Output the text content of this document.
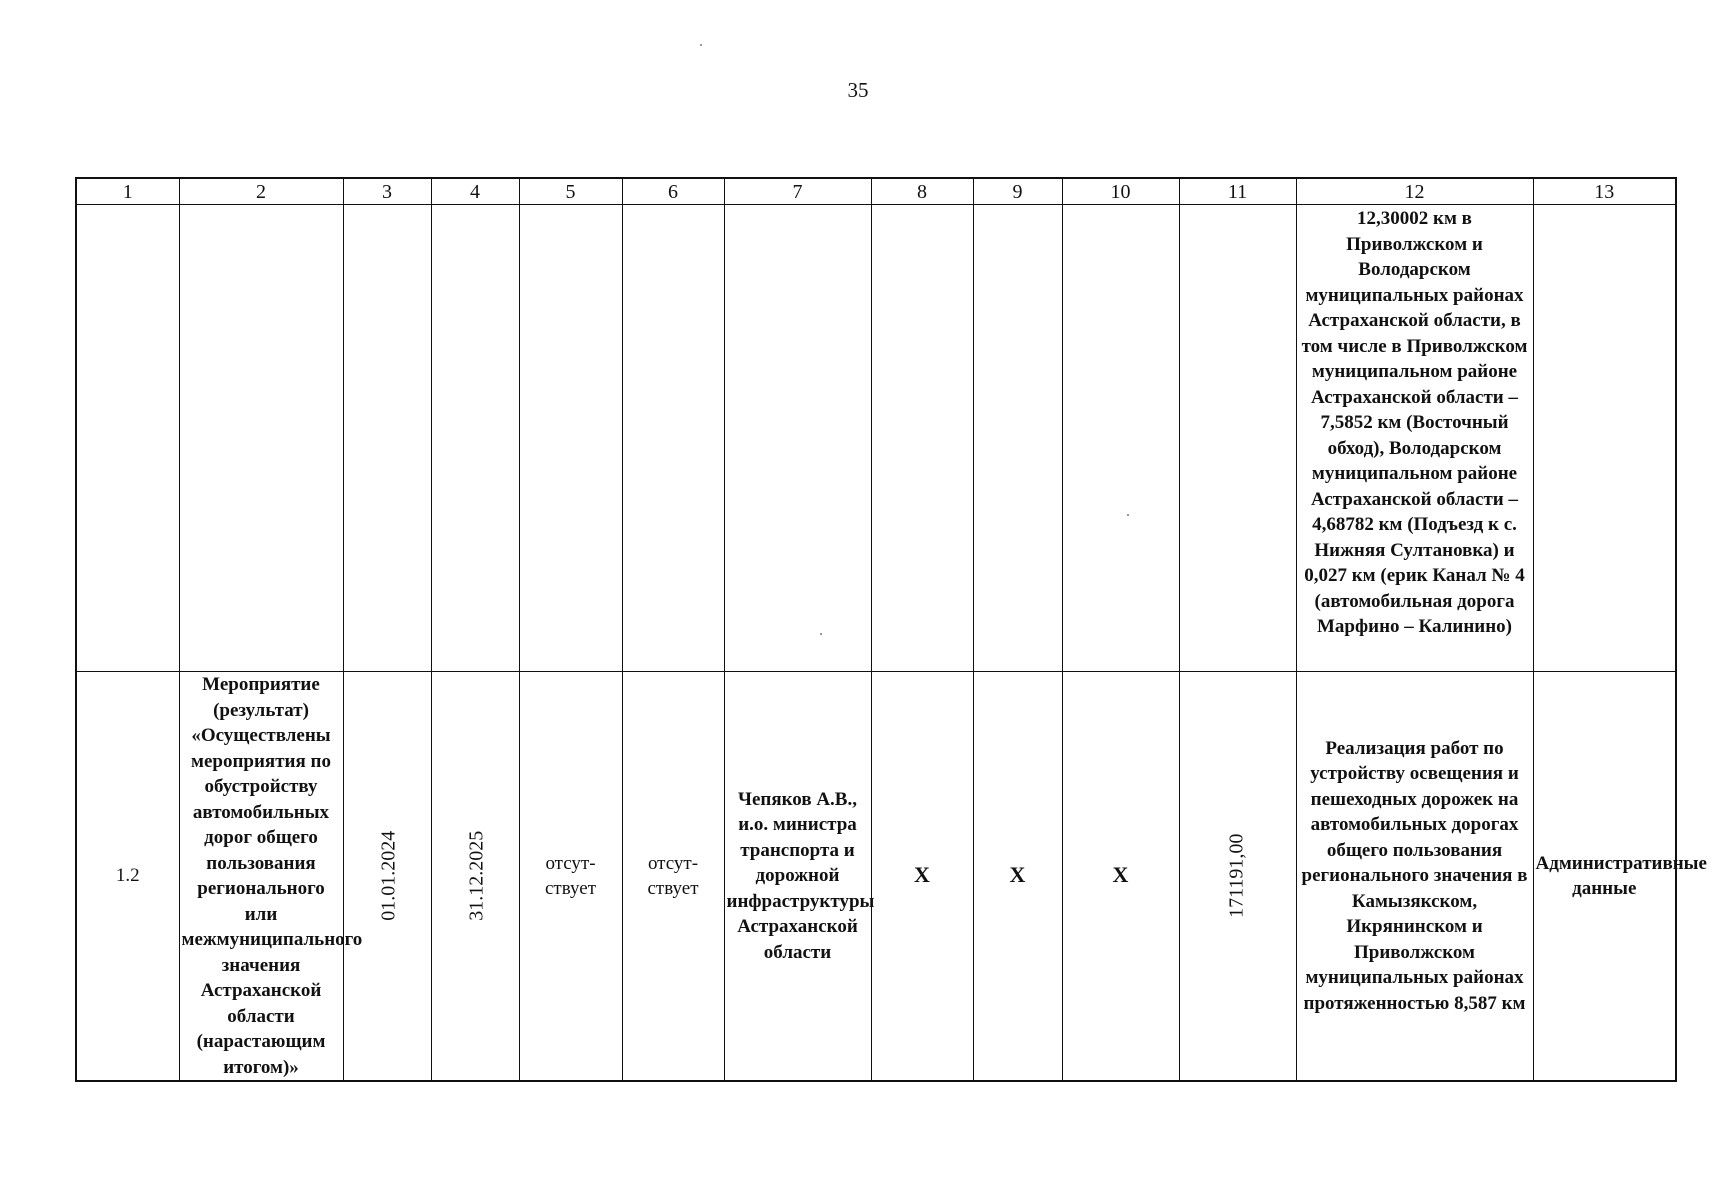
35
1	2	3	4	5	6	7	8	9	10	11	12	13

											12,30002 км в Приволжском и Володарском муниципальных районах Астраханской области, в том числе в Приволжском муниципальном районе Астраханской области – 7,5852 км (Восточный обход), Володарском муниципальном районе Астраханской области – 4,68782 км (Подъезд к с. Нижняя Султановка) и 0,027 км (ерик Канал № 4 (автомобильная дорога Марфино – Калинино)	

1.2	Мероприятие (результат) «Осуществлены мероприятия по обустройству автомобильных дорог общего пользования регионального или межмуниципального значения Астраханской области (нарастающим итогом)»	01.01.2024	31.12.2025	отсут-ствует	отсут-ствует	Чепяков А.В., и.о. министра транспорта и дорожной инфраструктуры Астраханской области	Х	Х	Х	171191,00	Реализация работ по устройству освещения и пешеходных дорожек на автомобильных дорогах общего пользования регионального значения в Камызякском, Икрянинском и Приволжском муниципальных районах протяженностью 8,587 км	Административные данные
